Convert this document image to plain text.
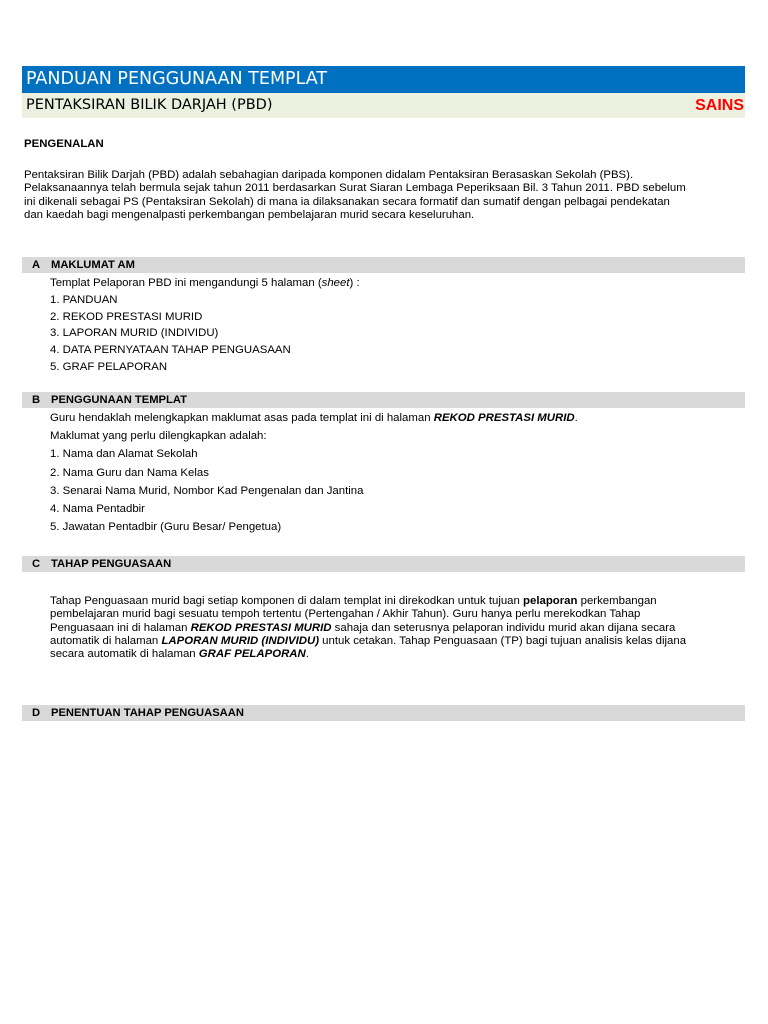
PANDUAN PENGGUNAAN TEMPLAT
PENTAKSIRAN BILIK DARJAH (PBD)	SAINS
PENGENALAN
Pentaksiran Bilik Darjah (PBD) adalah sebahagian daripada komponen didalam Pentaksiran Berasaskan Sekolah (PBS).
Pelaksanaannya telah bermula sejak tahun 2011 berdasarkan Surat Siaran Lembaga Peperiksaan Bil. 3 Tahun 2011. PBD sebelum
ini dikenali sebagai PS (Pentaksiran Sekolah) di mana ia dilaksanakan secara formatif dan sumatif dengan pelbagai pendekatan
dan kaedah bagi mengenalpasti perkembangan pembelajaran murid secara keseluruhan.
A MAKLUMAT AM
Templat Pelaporan PBD ini mengandungi 5 halaman (sheet) :
1. PANDUAN
2. REKOD PRESTASI MURID
3. LAPORAN MURID (INDIVIDU)
4. DATA PERNYATAAN TAHAP PENGUASAAN
5. GRAF PELAPORAN
B PENGGUNAAN TEMPLAT
Guru hendaklah melengkapkan maklumat asas pada templat ini di halaman REKOD PRESTASI MURID.
Maklumat yang perlu dilengkapkan adalah:
1. Nama dan Alamat Sekolah
2. Nama Guru dan Nama Kelas
3. Senarai Nama Murid, Nombor Kad Pengenalan dan Jantina
4. Nama Pentadbir
5. Jawatan Pentadbir (Guru Besar/ Pengetua)
C TAHAP PENGUASAAN
Tahap Penguasaan murid bagi setiap komponen di dalam templat ini direkodkan untuk tujuan pelaporan perkembangan
pembelajaran murid bagi sesuatu tempoh tertentu (Pertengahan / Akhir Tahun). Guru hanya perlu merekodkan Tahap
Penguasaan ini di halaman REKOD PRESTASI MURID sahaja dan seterusnya pelaporan individu murid akan dijana secara
automatik di halaman LAPORAN MURID (INDIVIDU) untuk cetakan. Tahap Penguasaan (TP) bagi tujuan analisis kelas dijana
secara automatik di halaman GRAF PELAPORAN.
D PENENTUAN TAHAP PENGUASAAN
